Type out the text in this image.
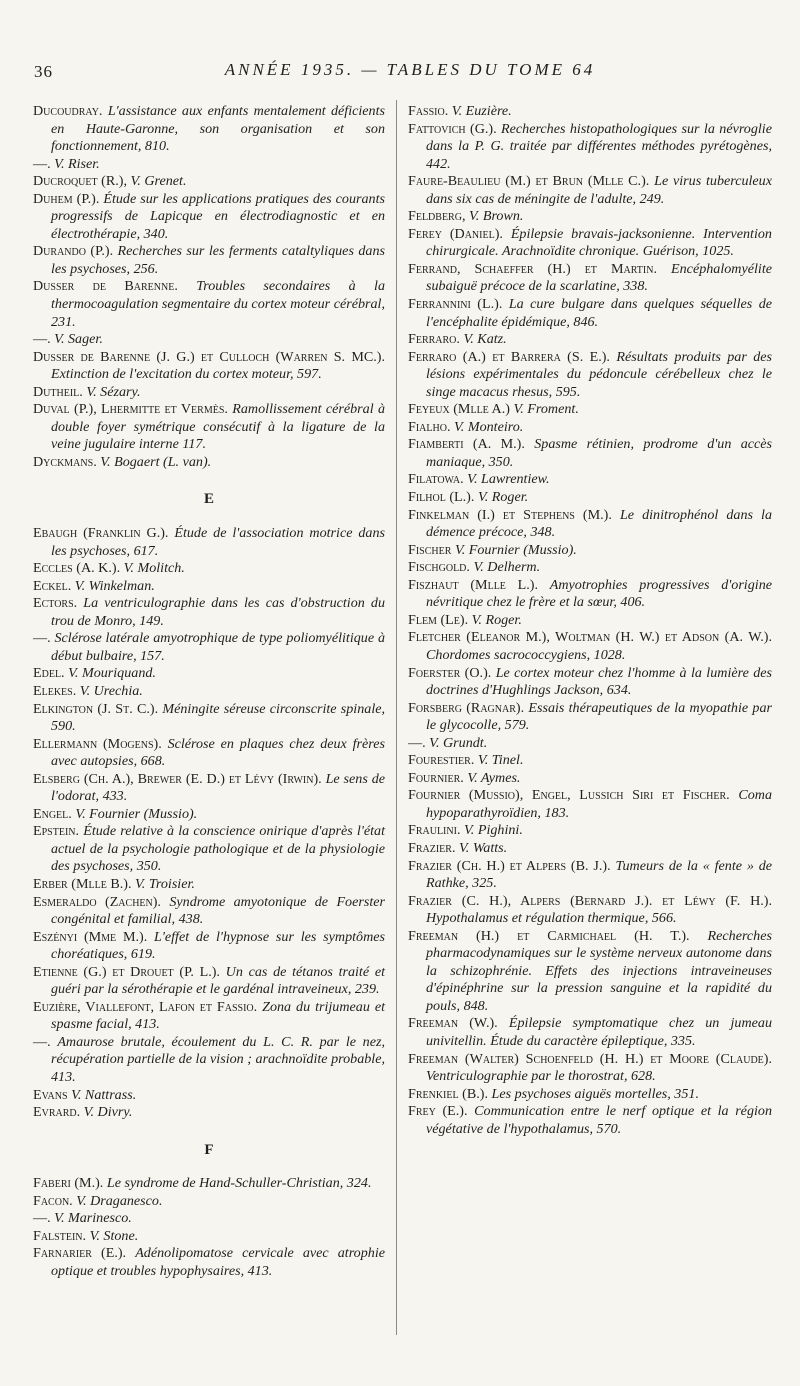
36	ANNÉE 1935. — TABLES DU TOME 64

Ducoudray. L'assistance aux enfants mentalement déficients en Haute-Garonne, son organisation et son fonctionnement, 810.

—. V. Riser.

Ducroquet (R.), V. Grenet.

Duhem (P.). Étude sur les applications pratiques des courants progressifs de Lapicque en électrodiagnostic et en électrothérapie, 340.

Durando (P.). Recherches sur les ferments cataltyliques dans les psychoses, 256.

Dusser de Barenne. Troubles secondaires à la thermocoagulation segmentaire du cortex moteur cérébral, 231.

—. V. Sager.

Dusser de Barenne (J. G.) et Culloch (Warren S. MC.). Extinction de l'excitation du cortex moteur, 597.

Dutheil. V. Sézary.

Duval (P.), Lhermitte et Vermès. Ramollissement cérébral à double foyer symétrique consécutif à la ligature de la veine jugulaire interne 117.

Dyckmans. V. Bogaert (L. van).

E

Ebaugh (Franklin G.). Étude de l'association motrice dans les psychoses, 617.

Eccles (A. K.). V. Molitch.

Eckel. V. Winkelman.

Ectors. La ventriculographie dans les cas d'obstruction du trou de Monro, 149.

—. Sclérose latérale amyotrophique de type poliomyélitique à début bulbaire, 157.

Edel. V. Mouriquand.

Elekes. V. Urechia.

Elkington (J. St. C.). Méningite séreuse circonscrite spinale, 590.

Ellermann (Mogens). Sclérose en plaques chez deux frères avec autopsies, 668.

Elsberg (Ch. A.), Brewer (E. D.) et Lévy (Irwin). Le sens de l'odorat, 433.

Engel. V. Fournier (Mussio).

Epstein. Étude relative à la conscience onirique d'après l'état actuel de la psychologie pathologique et de la physiologie des psychoses, 350.

Erber (Mlle B.). V. Troisier.

Esmeraldo (Zachen). Syndrome amyotonique de Foerster congénital et familial, 438.

Eszényi (Mme M.). L'effet de l'hypnose sur les symptômes choréatiques, 619.

Etienne (G.) et Drouet (P. L.). Un cas de tétanos traité et guéri par la sérothérapie et le gardénal intraveineux, 239.

Euzière, Viallefont, Lafon et Fassio. Zona du trijumeau et spasme facial, 413.

—. Amaurose brutale, écoulement du L. C. R. par le nez, récupération partielle de la vision ; arachnoïdite probable, 413.

Evans V. Nattrass.

Evrard. V. Divry.

F

Faberi (M.). Le syndrome de Hand-Schuller-Christian, 324.

Facon. V. Draganesco.

—. V. Marinesco.

Falstein. V. Stone.

Farnarier (E.). Adénolipomatose cervicale avec atrophie optique et troubles hypophysaires, 413.

Fassio. V. Euzière.

Fattovich (G.). Recherches histopathologiques sur la névroglie dans la P. G. traitée par différentes méthodes pyrétogènes, 442.

Faure-Beaulieu (M.) et Brun (Mlle C.). Le virus tuberculeux dans six cas de méningite de l'adulte, 249.

Feldberg, V. Brown.

Ferey (Daniel). Épilepsie bravais-jacksonienne. Intervention chirurgicale. Arachnoïdite chronique. Guérison, 1025.

Ferrand, Schaeffer (H.) et Martin. Encéphalomyélite subaiguë précoce de la scarlatine, 338.

Ferrannini (L.). La cure bulgare dans quelques séquelles de l'encéphalite épidémique, 846.

Ferraro. V. Katz.

Ferraro (A.) et Barrera (S. E.). Résultats produits par des lésions expérimentales du pédoncule cérébelleux chez le singe macacus rhesus, 595.

Feyeux (Mlle A.) V. Froment.

Fialho. V. Monteiro.

Fiamberti (A. M.). Spasme rétinien, prodrome d'un accès maniaque, 350.

Filatowa. V. Lawrentiew.

Filhol (L.). V. Roger.

Finkelman (I.) et Stephens (M.). Le dinitrophénol dans la démence précoce, 348.

Fischer V. Fournier (Mussio).

Fischgold. V. Delherm.

Fiszhaut (Mlle L.). Amyotrophies progressives d'origine névritique chez le frère et la sœur, 406.

Flem (Le). V. Roger.

Fletcher (Eleanor M.), Woltman (H. W.) et Adson (A. W.). Chordomes sacrococcygiens, 1028.

Foerster (O.). Le cortex moteur chez l'homme à la lumière des doctrines d'Hughlings Jackson, 634.

Forsberg (Ragnar). Essais thérapeutiques de la myopathie par le glycocolle, 579.

—. V. Grundt.

Fourestier. V. Tinel.

Fournier. V. Aymes.

Fournier (Mussio), Engel, Lussich Siri et Fischer. Coma hypoparathyroïdien, 183.

Fraulini. V. Pighini.

Frazier. V. Watts.

Frazier (Ch. H.) et Alpers (B. J.). Tumeurs de la « fente » de Rathke, 325.

Frazier (C. H.), Alpers (Bernard J.). et Léwy (F. H.). Hypothalamus et régulation thermique, 566.

Freeman (H.) et Carmichael (H. T.). Recherches pharmacodynamiques sur le système nerveux autonome dans la schizophrénie. Effets des injections intraveineuses d'épinéphrine sur la pression sanguine et la rapidité du pouls, 848.

Freeman (W.). Épilepsie symptomatique chez un jumeau univitellin. Étude du caractère épileptique, 335.

Freeman (Walter) Schoenfeld (H. H.) et Moore (Claude). Ventriculographie par le thorostrat, 628.

Frenkiel (B.). Les psychoses aiguës mortelles, 351.

Frey (E.). Communication entre le nerf optique et la région végétative de l'hypothalamus, 570.
